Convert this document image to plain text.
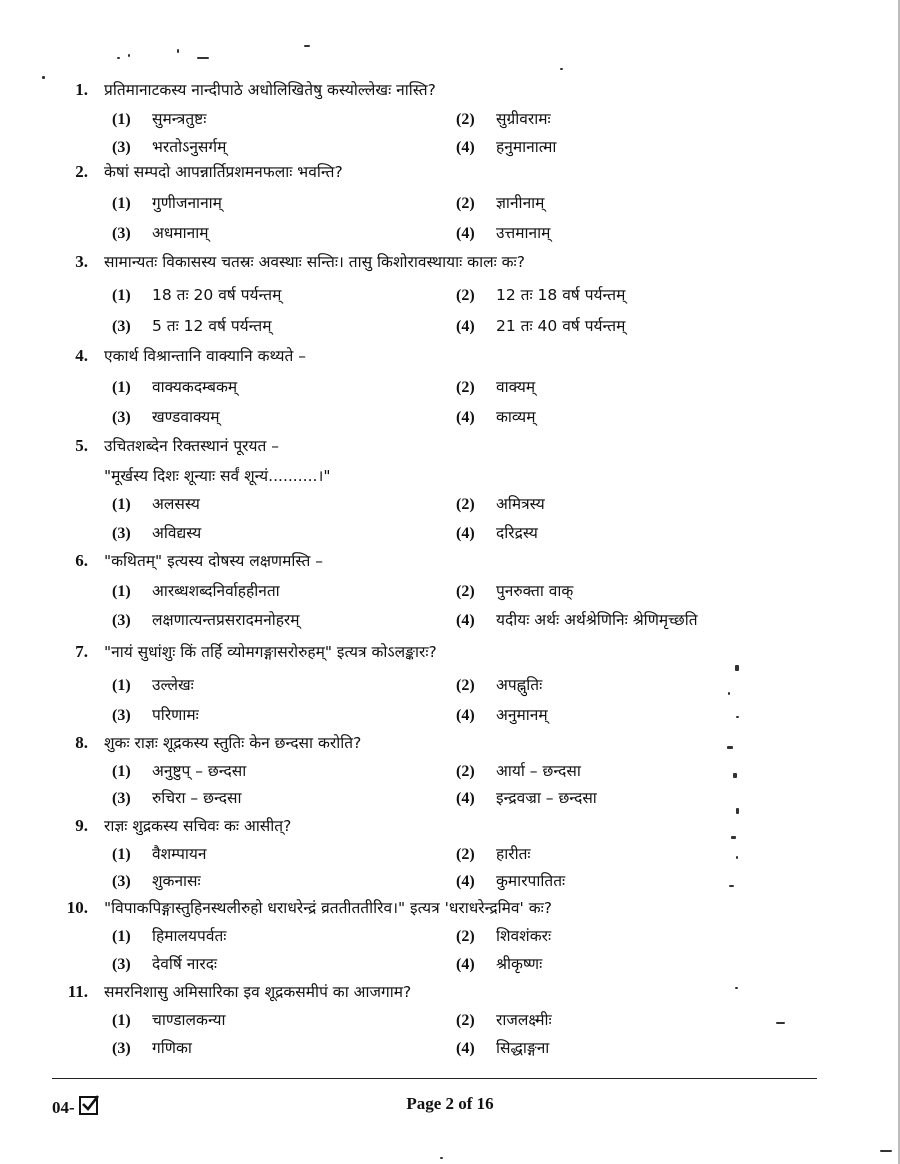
1. प्रतिमानाटकस्य नान्दीपाठे अधोलिखितेषु कस्योल्लेखः नास्ति?
(1) सुमन्त्रतुष्टः	(2) सुग्रीवरामः
(3) भरतोऽनुसर्गम्	(4) हनुमानात्मा
2. केषां सम्पदो आपन्नार्तिप्रशमनफलाः भवन्ति?
(1) गुणीजनानाम्	(2) ज्ञानीनाम्
(3) अधमानाम्	(4) उत्तमानाम्
3. सामान्यतः विकासस्य चतस्रः अवस्थाः सन्तिः। तासु किशोरावस्थायाः कालः कः?
(1) 18 तः 20 वर्ष पर्यन्तम्	(2) 12 तः 18 वर्ष पर्यन्तम्
(3) 5 तः 12 वर्ष पर्यन्तम्	(4) 21 तः 40 वर्ष पर्यन्तम्
4. एकार्थ विश्रान्तानि वाक्यानि कथ्यते –
(1) वाक्यकदम्बकम्	(2) वाक्यम्
(3) खण्डवाक्यम्	(4) काव्यम्
5. उचितशब्देन रिक्तस्थानं पूरयत –
"मूर्खस्य दिशः शून्याः सर्वं शून्यं..........।"
(1) अलसस्य	(2) अमित्रस्य
(3) अविद्यस्य	(4) दरिद्रस्य
6. "कथितम्" इत्यस्य दोषस्य लक्षणमस्ति –
(1) आरब्धशब्दनिर्वाहहीनता	(2) पुनरुक्ता वाक्
(3) लक्षणात्यन्तप्रसरादमनोहरम्	(4) यदीयः अर्थः अर्थश्रेणिनिः श्रेणिमृच्छति
7. "नायं सुधांशुः किं तर्हि व्योमगङ्गासरोरुहम्" इत्यत्र कोऽलङ्कारः?
(1) उल्लेखः	(2) अपह्नुतिः
(3) परिणामः	(4) अनुमानम्
8. शुकः राज्ञः शूद्रकस्य स्तुतिः केन छन्दसा करोति?
(1) अनुष्टुप् – छन्दसा	(2) आर्या – छन्दसा
(3) रुचिरा – छन्दसा	(4) इन्द्रवज्रा – छन्दसा
9. राज्ञः शुद्रकस्य सचिवः कः आसीत्?
(1) वैशम्पायन	(2) हारीतः
(3) शुकनासः	(4) कुमारपातितः
10. "विपाकपिङ्गास्तुहिनस्थलीरुहो धराधरेन्द्रं व्रततीततीरिव।" इत्यत्र 'धराधरेन्द्रमिव' कः?
(1) हिमालयपर्वतः	(2) शिवशंकरः
(3) देवर्षि नारदः	(4) श्रीकृष्णः
11. समरनिशासु अमिसारिका इव शूद्रकसमीपं का आजगाम?
(1) चाण्डालकन्या	(2) राजलक्ष्मीः
(3) गणिका	(4) सिद्धाङ्गना
04-	Page 2 of 16
